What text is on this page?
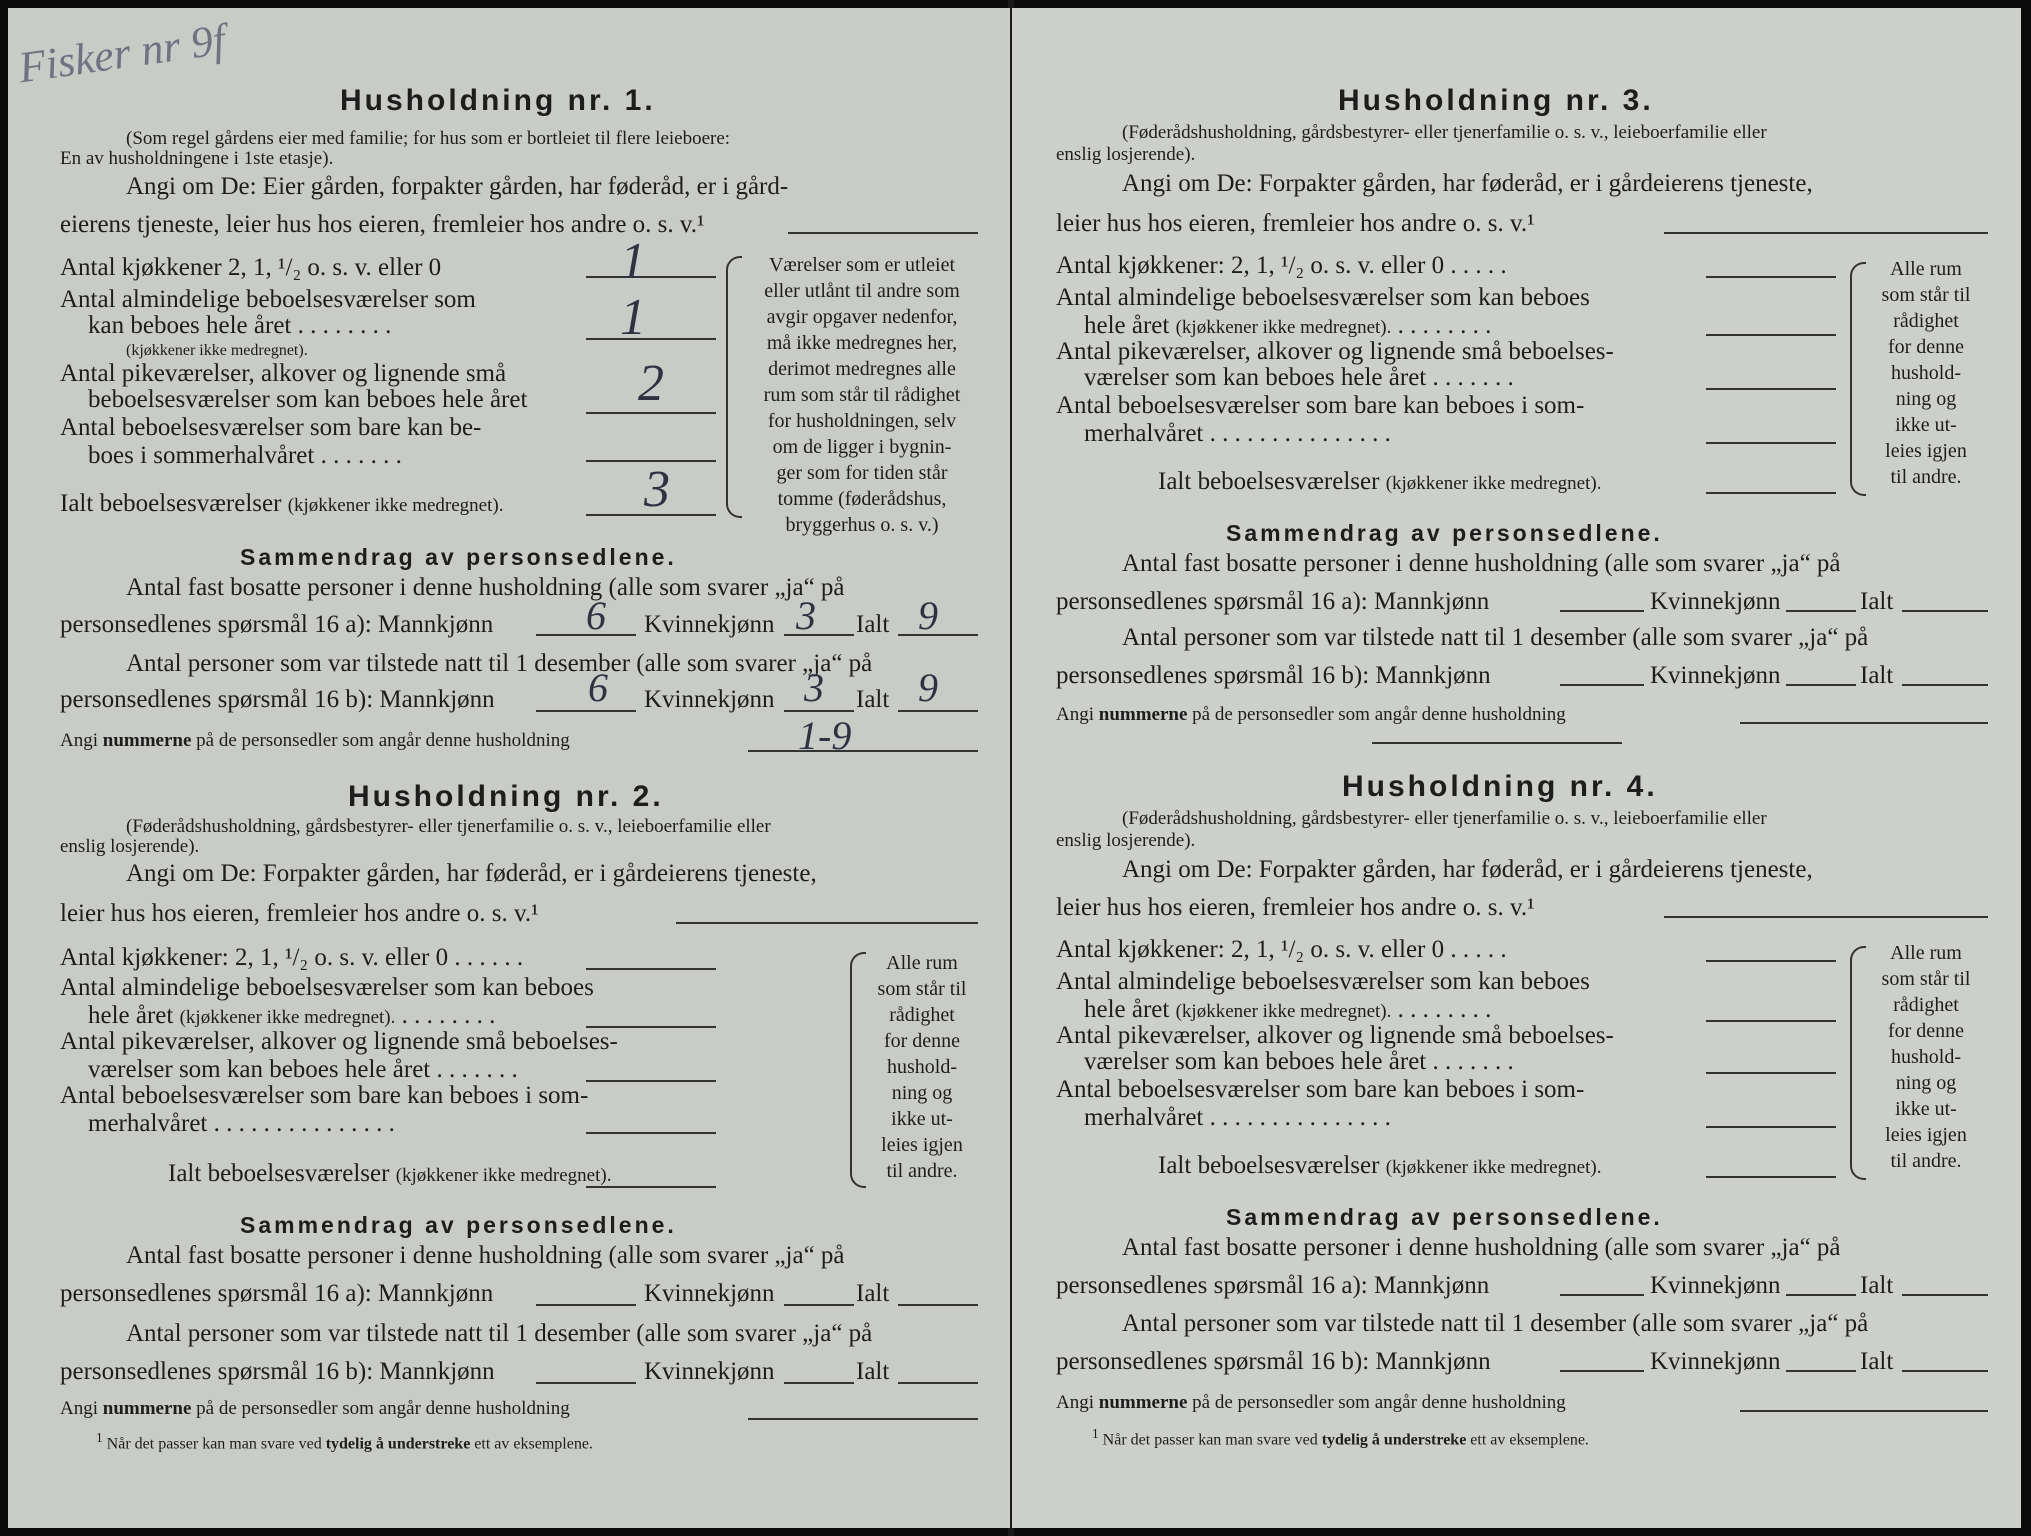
Fisker nr 9f
Husholdning nr. 1.
(Som regel gårdens eier med familie; for hus som er bortleiet til flere leieboere:
En av husholdningene i 1ste etasje).
Angi om De: Eier gården, forpakter gården, har føderåd, er i gård-
eierens tjeneste, leier hus hos eieren, fremleier hos andre o. s. v.¹
Antal kjøkkener 2, 1, ¹/₂ o. s. v. eller 0	1
Antal almindelige beboelsesværelser som
kan beboes hele året . . . . . . . .
(kjøkkener ikke medregnet).
1
Antal pikeværelser, alkover og lignende små
beboelsesværelser som kan beboes hele året 2
Antal beboelsesværelser som bare kan be-
boes i sommerhalvåret . . . . . . .
Ialt beboelsesværelser (kjøkkener ikke medregnet).	3
Værelser som er utleiet
eller utlånt til andre som
avgir opgaver nedenfor,
må ikke medregnes her,
derimot medregnes alle
rum som står til rådighet
for husholdningen, selv
om de ligger i bygnin-
ger som for tiden står
tomme (føderådshus,
bryggerhus o. s. v.)
Sammendrag av personsedlene.
Antal fast bosatte personer i denne husholdning (alle som svarer „ja“ på
personsedlenes spørsmål 16 a): Mannkjønn 6 Kvinnekjønn 3 Ialt 9
Antal personer som var tilstede natt til 1 desember (alle som svarer „ja“ på
personsedlenes spørsmål 16 b): Mannkjønn 6 Kvinnekjønn 3 Ialt 9
Angi nummerne på de personsedler som angår denne husholdning	1-9
Husholdning nr. 2.
(Føderådshusholdning, gårdsbestyrer- eller tjenerfamilie o. s. v., leieboerfamilie eller
enslig losjerende).
Angi om De: Forpakter gården, har føderåd, er i gårdeierens tjeneste,
leier hus hos eieren, fremleier hos andre o. s. v.¹
Antal kjøkkener: 2, 1, ¹/₂ o. s. v. eller 0 . . . . . .
Antal almindelige beboelsesværelser som kan beboes
hele året (kjøkkener ikke medregnet). . . . . . . . .
Antal pikeværelser, alkover og lignende små beboelses-
værelser som kan beboes hele året . . . . . . .
Antal beboelsesværelser som bare kan beboes i som-
merhalvåret . . . . . . . . . . . . . . .
Ialt beboelsesværelser (kjøkkener ikke medregnet).
Alle rum
som står til
rådighet
for denne
hushold-
ning og
ikke ut-
leies igjen
til andre.
Sammendrag av personsedlene.
Antal fast bosatte personer i denne husholdning (alle som svarer „ja“ på
personsedlenes spørsmål 16 a): Mannkjønn	Kvinnekjønn	Ialt
Antal personer som var tilstede natt til 1 desember (alle som svarer „ja“ på
personsedlenes spørsmål 16 b): Mannkjønn	Kvinnekjønn	Ialt
Angi nummerne på de personsedler som angår denne husholdning
$^1$ Når det passer kan man svare ved tydelig å understreke ett av eksemplene.
Husholdning nr. 3.
(Føderådshusholdning, gårdsbestyrer- eller tjenerfamilie o. s. v., leieboerfamilie eller
enslig losjerende).
Angi om De: Forpakter gården, har føderåd, er i gårdeierens tjeneste,
leier hus hos eieren, fremleier hos andre o. s. v.¹
Antal kjøkkener: 2, 1, ¹/₂ o. s. v. eller 0 . . . . .
Antal almindelige beboelsesværelser som kan beboes
hele året (kjøkkener ikke medregnet). . . . . . . . .
Antal pikeværelser, alkover og lignende små beboelses-
værelser som kan beboes hele året . . . . . . .
Antal beboelsesværelser som bare kan beboes i som-
merhalvåret . . . . . . . . . . . . . . .
Ialt beboelsesværelser (kjøkkener ikke medregnet).
Alle rum
som står til
rådighet
for denne
hushold-
ning og
ikke ut-
leies igjen
til andre.
Sammendrag av personsedlene.
Antal fast bosatte personer i denne husholdning (alle som svarer „ja“ på
personsedlenes spørsmål 16 a): Mannkjønn	Kvinnekjønn	Ialt
Antal personer som var tilstede natt til 1 desember (alle som svarer „ja“ på
personsedlenes spørsmål 16 b): Mannkjønn	Kvinnekjønn	Ialt
Angi nummerne på de personsedler som angår denne husholdning
Husholdning nr. 4.
(Føderådshusholdning, gårdsbestyrer- eller tjenerfamilie o. s. v., leieboerfamilie eller
enslig losjerende).
Angi om De: Forpakter gården, har føderåd, er i gårdeierens tjeneste,
leier hus hos eieren, fremleier hos andre o. s. v.¹
Antal kjøkkener: 2, 1, ¹/₂ o. s. v. eller 0 . . . . .
Antal almindelige beboelsesværelser som kan beboes
hele året (kjøkkener ikke medregnet). . . . . . . . .
Antal pikeværelser, alkover og lignende små beboelses-
værelser som kan beboes hele året . . . . . . .
Antal beboelsesværelser som bare kan beboes i som-
merhalvåret . . . . . . . . . . . . . . .
Ialt beboelsesværelser (kjøkkener ikke medregnet).
Alle rum
som står til
rådighet
for denne
hushold-
ning og
ikke ut-
leies igjen
til andre.
Sammendrag av personsedlene.
Antal fast bosatte personer i denne husholdning (alle som svarer „ja“ på
personsedlenes spørsmål 16 a): Mannkjønn	Kvinnekjønn	Ialt
Antal personer som var tilstede natt til 1 desember (alle som svarer „ja“ på
personsedlenes spørsmål 16 b): Mannkjønn	Kvinnekjønn	Ialt
Angi nummerne på de personsedler som angår denne husholdning
$^1$ Når det passer kan man svare ved tydelig å understreke ett av eksemplene.
